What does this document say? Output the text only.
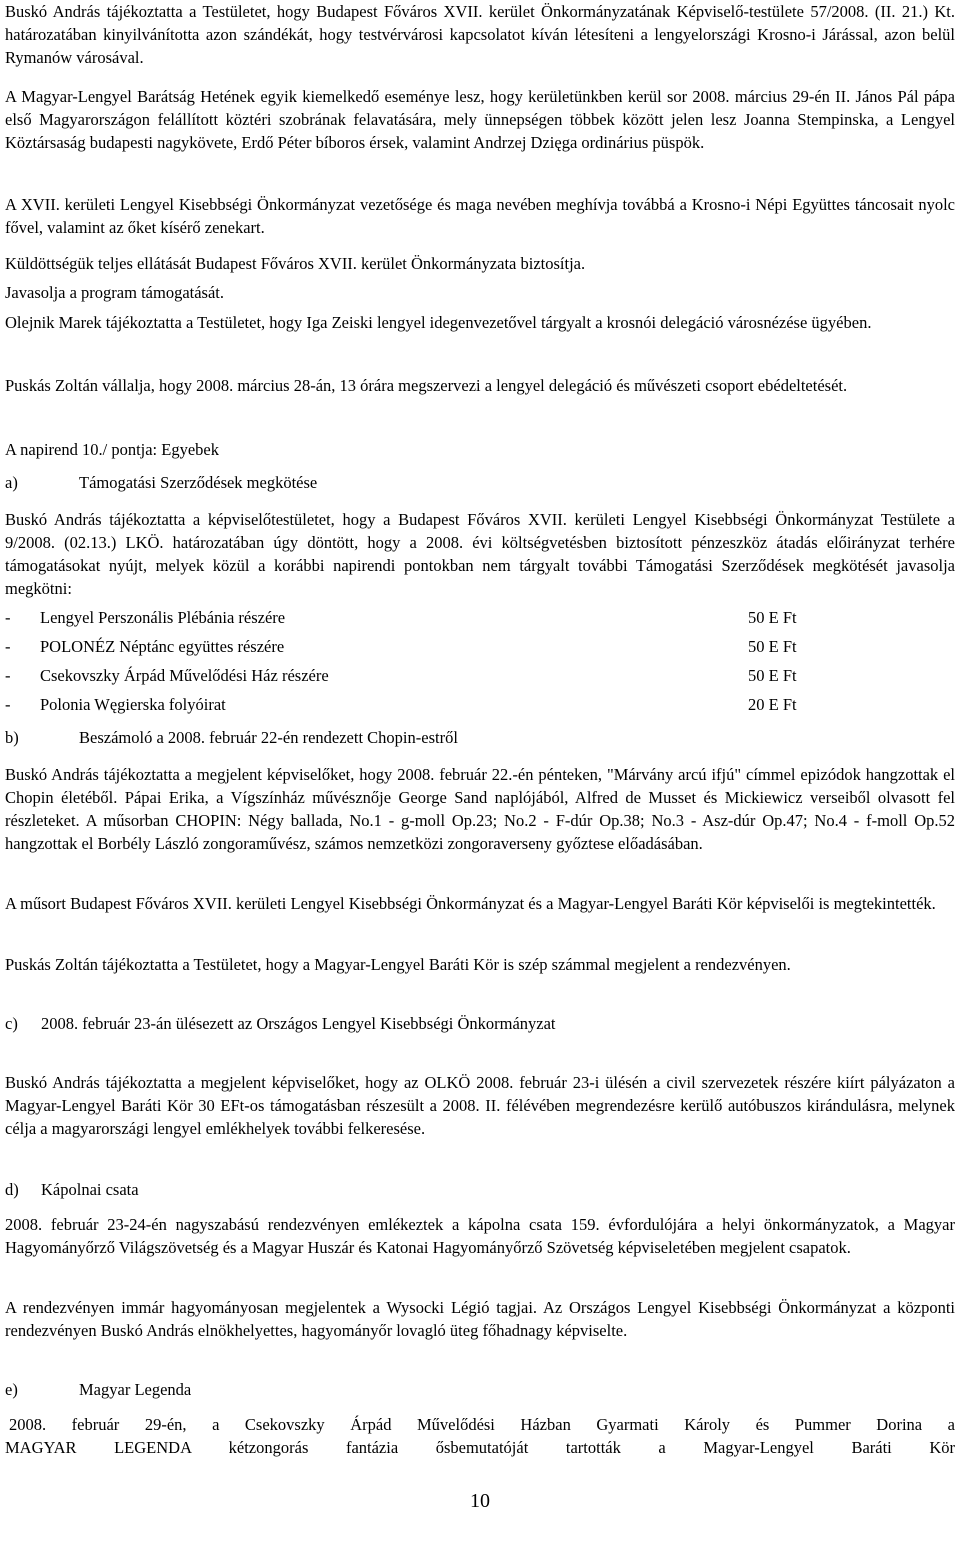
Buskó András tájékoztatta a Testületet, hogy Budapest Főváros XVII. kerület Önkormányzatának Képviselő-testülete 57/2008. (II. 21.) Kt. határozatában kinyilvánította azon szándékát, hogy testvérvárosi kapcsolatot kíván létesíteni a lengyelországi Krosno-i Járással, azon belül Rymanów városával.

A Magyar-Lengyel Barátság Hetének egyik kiemelkedő eseménye lesz, hogy kerületünkben kerül sor 2008. március 29-én II. János Pál pápa első Magyarországon felállított köztéri szobrának felavatására, mely ünnepségen többek között jelen lesz Joanna Stempinska, a Lengyel Köztársaság budapesti nagykövete, Erdő Péter bíboros érsek, valamint Andrzej Dzięga ordinárius püspök.

A XVII. kerületi Lengyel Kisebbségi Önkormányzat vezetősége és maga nevében meghívja továbbá a Krosno-i Népi Együttes táncosait nyolc fővel, valamint az őket kísérő zenekart.

Küldöttségük teljes ellátását Budapest Főváros XVII. kerület Önkormányzata biztosítja.

Javasolja a program támogatását.

Olejnik Marek tájékoztatta a Testületet, hogy Iga Zeiski lengyel idegenvezetővel tárgyalt a krosnói delegáció városnézése ügyében.

Puskás Zoltán vállalja, hogy 2008. március 28-án, 13 órára megszervezi a lengyel delegáció és művészeti csoport ebédeltetését.

A napirend 10./ pontja: Egyebek

a)	Támogatási Szerződések megkötése

Buskó András tájékoztatta a képviselőtestületet, hogy a Budapest Főváros XVII. kerületi Lengyel Kisebbségi Önkormányzat Testülete a 9/2008. (02.13.) LKÖ. határozatában úgy döntött, hogy a 2008. évi költségvetésben biztosított pénzeszköz átadás előirányzat terhére támogatásokat nyújt, melyek közül a korábbi napirendi pontokban nem tárgyalt további Támogatási Szerződések megkötését javasolja megkötni:

- Lengyel Perszonális Plébánia részére	50 E Ft
- POLONÉZ Néptánc együttes részére	50 E Ft
- Csekovszky Árpád Művelődési Ház részére	50 E Ft
- Polonia Węgierska folyóirat	20 E Ft
b)	Beszámoló a 2008. február 22-én rendezett Chopin-estről

Buskó András tájékoztatta a megjelent képviselőket, hogy 2008. február 22.-én pénteken, "Márvány arcú ifjú" címmel epizódok hangzottak el Chopin életéből. Pápai Erika, a Vígszínház művésznője George Sand naplójából, Alfred de Musset és Mickiewicz verseiből olvasott fel részleteket. A műsorban CHOPIN: Négy ballada, No.1 - g-moll Op.23; No.2 - F-dúr Op.38; No.3 - Asz-dúr Op.47; No.4 - f-moll Op.52 hangzottak el Borbély László zongoraművész, számos nemzetközi zongoraverseny győztese előadásában.

A műsort Budapest Főváros XVII. kerületi Lengyel Kisebbségi Önkormányzat és a Magyar-Lengyel Baráti Kör képviselői is megtekintették.

Puskás Zoltán tájékoztatta a Testületet, hogy a Magyar-Lengyel Baráti Kör is szép számmal megjelent a rendezvényen.

c) 2008. február 23-án ülésezett az Országos Lengyel Kisebbségi Önkormányzat

Buskó András tájékoztatta a megjelent képviselőket, hogy az OLKÖ 2008. február 23-i ülésén a civil szervezetek részére kiírt pályázaton a Magyar-Lengyel Baráti Kör 30 EFt-os támogatásban részesült a 2008. II. félévében megrendezésre kerülő autóbuszos kirándulásra, melynek célja a magyarországi lengyel emlékhelyek további felkeresése.

d) Kápolnai csata

2008. február 23-24-én nagyszabású rendezvényen emlékeztek a kápolna csata 159. évfordulójára a helyi önkormányzatok, a Magyar Hagyományőrző Világszövetség és a Magyar Huszár és Katonai Hagyományőrző Szövetség képviseletében megjelent csapatok.

A rendezvényen immár hagyományosan megjelentek a Wysocki Légió tagjai. Az Országos Lengyel Kisebbségi Önkormányzat a központi rendezvényen Buskó András elnökhelyettes, hagyományőr lovagló üteg főhadnagy képviselte.

e)	Magyar Legenda

2008. február 29-én, a Csekovszky Árpád Művelődési Házban Gyarmati Károly és Pummer Dorina a

MAGYAR LEGENDA kétzongorás fantázia ősbemutatóját tartották a Magyar-Lengyel Baráti Kör

10
